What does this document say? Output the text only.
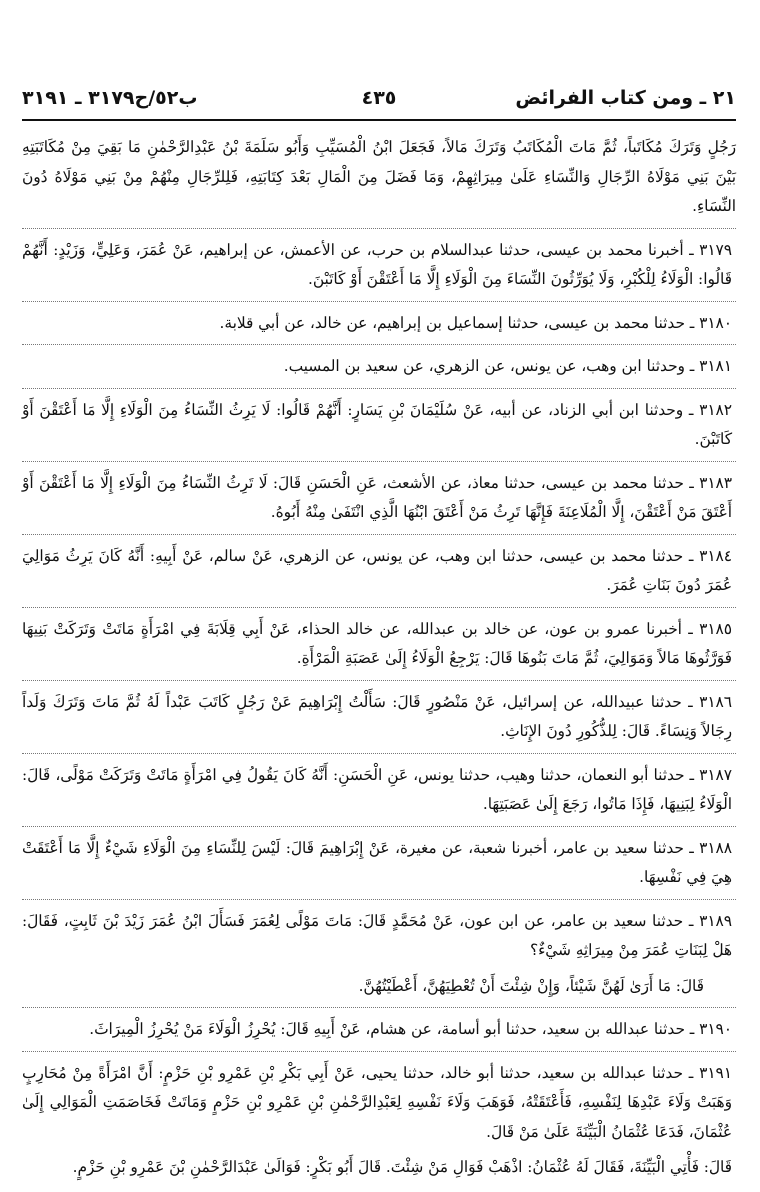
٢١ ـ ومن كتاب الفرائض
٤٣٥
ب٥٢/ح٣١٧٩ ـ ٣١٩١

رَجُلٍ وَتَرَكَ مُكَاتَباً، ثُمَّ مَاتَ الْمُكَاتَبُ وَتَرَكَ مَالاً، فَجَعَلَ ابْنُ الْمُسَيِّبِ وَأَبُو سَلَمَةَ بْنُ عَبْدِالرَّحْمٰنِ مَا بَقِيَ مِنْ مُكَاتَبَتِهِ بَيْنَ بَنِي مَوْلَاهُ الرِّجَالِ وَالنِّسَاءِ عَلَىٰ مِيرَاثِهِمْ، وَمَا فَضَلَ مِنَ الْمَالِ بَعْدَ كِتَابَتِهِ، فَلِلرِّجَالِ مِنْهُمْ مِنْ بَنِي مَوْلَاهُ دُونَ النِّسَاءِ.

٣١٧٩ ـ أخبرنا محمد بن عيسى، حدثنا عبدالسلام بن حرب، عن الأعمش، عن إبراهيم، عَنْ عُمَرَ، وَعَلِيٍّ، وَزَيْدٍ: أَنَّهُمْ قَالُوا: الْوَلَاءُ لِلْكُبْرِ، وَلَا يُوَرِّثُونَ النِّسَاءَ مِنَ الْوَلَاءِ إِلَّا مَا أَعْتَقْنَ أَوْ كَاتَبْنَ.

٣١٨٠ ـ حدثنا محمد بن عيسى، حدثنا إسماعيل بن إبراهيم، عن خالد، عن أبي قلابة.

٣١٨١ ـ وحدثنا ابن وهب، عن يونس، عن الزهري، عن سعيد بن المسيب.

٣١٨٢ ـ وحدثنا ابن أبي الزناد، عن أبيه، عَنْ سُلَيْمَانَ بْنِ يَسَارٍ: أَنَّهُمْ قَالُوا: لَا يَرِثُ النِّسَاءُ مِنَ الْوَلَاءِ إِلَّا مَا أَعْتَقْنَ أَوْ كَاتَبْنَ.

٣١٨٣ ـ حدثنا محمد بن عيسى، حدثنا معاذ، عن الأشعث، عَنِ الْحَسَنِ قَالَ: لَا تَرِثُ النِّسَاءُ مِنَ الْوَلَاءِ إِلَّا مَا أَعْتَقْنَ أَوْ أَعْتَقَ مَنْ أَعْتَقْنَ، إِلَّا الْمُلَاعِنَةَ فَإِنَّهَا تَرِثُ مَنْ أَعْتَقَ ابْنُهَا الَّذِي انْتَفَىٰ مِنْهُ أَبُوهُ.

٣١٨٤ ـ حدثنا محمد بن عيسى، حدثنا ابن وهب، عن يونس، عن الزهري، عَنْ سالم، عَنْ أَبِيهِ: أَنَّهُ كَانَ يَرِثُ مَوَالِيَ عُمَرَ دُونَ بَنَاتِ عُمَرَ.

٣١٨٥ ـ أخبرنا عمرو بن عون، عن خالد بن عبدالله، عن خالد الحذاء، عَنْ أَبِي قِلَابَةَ فِي امْرَأَةٍ مَاتَتْ وَتَرَكَتْ بَنِيهَا فَوَرَّثُوهَا مَالاً وَمَوَالِيَ، ثُمَّ مَاتَ بَنُوهَا قَالَ: يَرْجِعُ الْوَلَاءُ إِلَىٰ عَصَبَةِ الْمَرْأَةِ.

٣١٨٦ ـ حدثنا عبيدالله، عن إسرائيل، عَنْ مَنْصُورٍ قَالَ: سَأَلْتُ إِبْرَاهِيمَ عَنْ رَجُلٍ كَاتَبَ عَبْداً لَهُ ثُمَّ مَاتَ وَتَرَكَ وَلَداً رِجَالاً وَنِسَاءً. قَالَ: لِلذُّكُورِ دُونَ الإِنَاثِ.

٣١٨٧ ـ حدثنا أبو النعمان، حدثنا وهيب، حدثنا يونس، عَنِ الْحَسَنِ: أَنَّهُ كَانَ يَقُولُ فِي امْرَأَةٍ مَاتَتْ وَتَرَكَتْ مَوْلًى، قَالَ: الْوَلَاءُ لِبَنِيهَا، فَإِذَا مَاتُوا، رَجَعَ إِلَىٰ عَصَبَتِهَا.

٣١٨٨ ـ حدثنا سعيد بن عامر، أخبرنا شعبة، عن مغيرة، عَنْ إِبْرَاهِيمَ قَالَ: لَيْسَ لِلنِّسَاءِ مِنَ الْوَلَاءِ شَيْءٌ إِلَّا مَا أَعْتَقَتْ هِيَ فِي نَفْسِهَا.

٣١٨٩ ـ حدثنا سعيد بن عامر، عن ابن عون، عَنْ مُحَمَّدٍ قَالَ: مَاتَ مَوْلًى لِعُمَرَ فَسَأَلَ ابْنُ عُمَرَ زَيْدَ بْنَ ثَابِتٍ، فَقَالَ: هَلْ لِبَنَاتِ عُمَرَ مِنْ مِيرَاثِهِ شَيْءٌ؟

قَالَ: مَا أَرَىٰ لَهُنَّ شَيْئاً، وَإِنْ شِئْتَ أَنْ تُعْطِيَهُنَّ، أَعْطَيْتُهُنَّ.

٣١٩٠ ـ حدثنا عبدالله بن سعيد، حدثنا أبو أسامة، عن هشام، عَنْ أَبِيهِ قَالَ: يُحْرِزُ الْوَلَاءَ مَنْ يُحْرِزُ الْمِيرَاثَ.

٣١٩١ ـ حدثنا عبدالله بن سعيد، حدثنا أبو خالد، حدثنا يحيى، عَنْ أَبِي بَكْرِ بْنِ عَمْرِو بْنِ حَزْمٍ: أَنَّ امْرَأَةً مِنْ مُحَارِبٍ وَهَبَتْ وَلَاءَ عَبْدِهَا لِنَفْسِهِ، فَأَعْتَقَتْهُ، فَوَهَبَ وَلَاءَ نَفْسِهِ لِعَبْدِالرَّحْمٰنِ بْنِ عَمْرِو بْنِ حَزْمٍ وَمَاتَتْ فَخَاصَمَتِ الْمَوَالِي إِلَىٰ عُثْمَانَ، فَدَعَا عُثْمَانُ الْبَيِّنَةَ عَلَىٰ مَنْ قَالَ.

قَالَ: فَأْتِي الْبَيِّنَةَ، فَقَالَ لَهُ عُثْمَانُ: اذْهَبْ فَوَالِ مَنْ شِئْتَ. قَالَ أَبُو بَكْرٍ: فَوَالَىٰ عَبْدَالرَّحْمٰنِ بْنَ عَمْرِو بْنِ حَزْمٍ.
